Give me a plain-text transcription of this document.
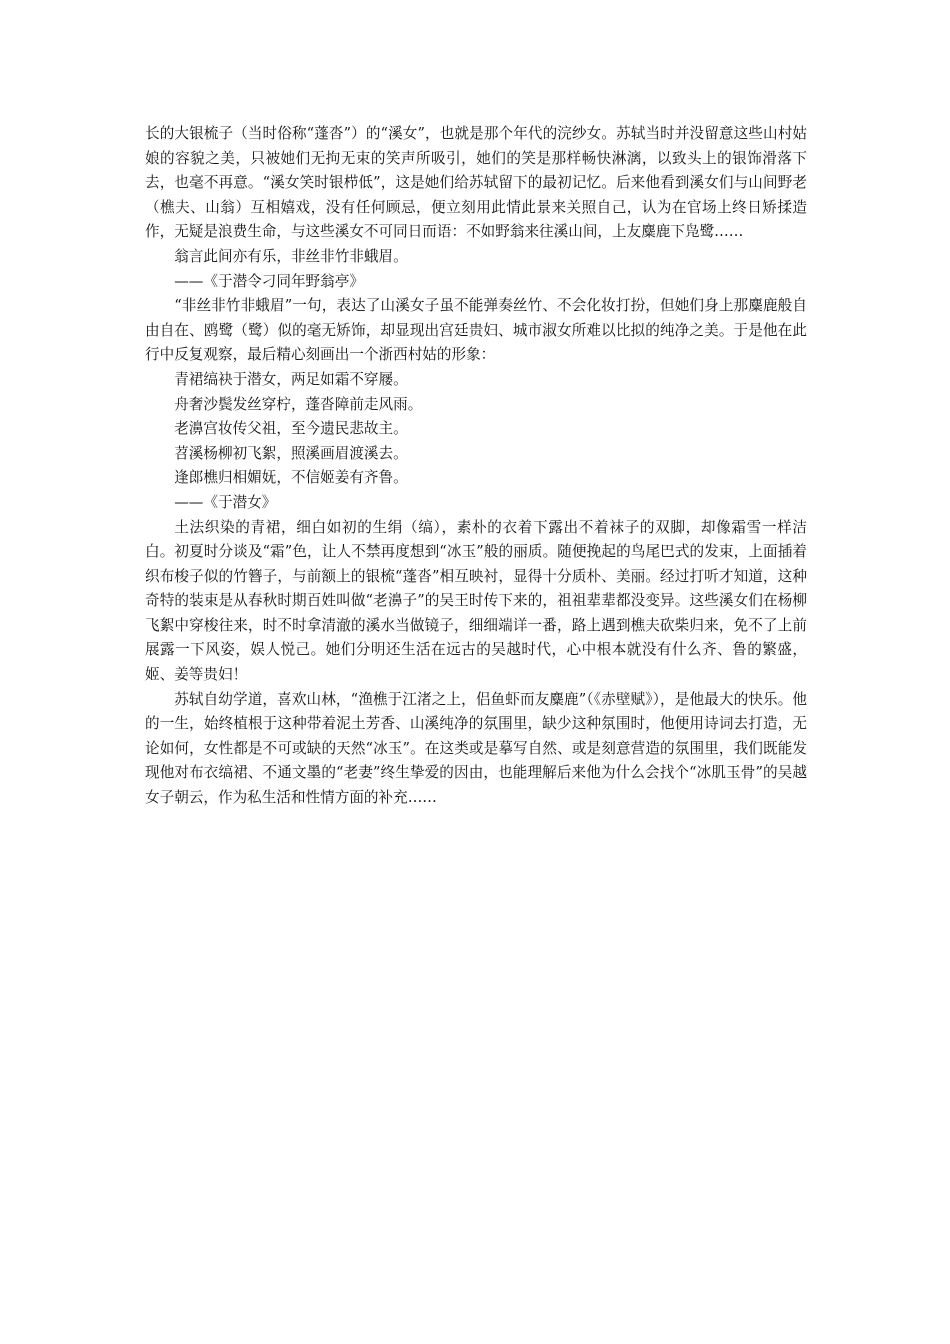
长的大银梳子（当时俗称“蓬沓”）的“溪女”，也就是那个年代的浣纱女。苏轼当时并没留意这些山村姑娘的容貌之美，只被她们无拘无束的笑声所吸引，她们的笑是那样畅快淋漓，以致头上的银饰滑落下去，也毫不再意。“溪女笑时银栉低”，这是她们给苏轼留下的最初记忆。后来他看到溪女们与山间野老（樵夫、山翁）互相嬉戏，没有任何顾忌，便立刻用此情此景来关照自己，认为在官场上终日矫揉造作，无疑是浪费生命，与这些溪女不可同日而语：不如野翁来往溪山间，上友麋鹿下凫鹭……

翁言此间亦有乐，非丝非竹非蛾眉。

——《于潜令刁同年野翁亭》

“非丝非竹非蛾眉”一句，表达了山溪女子虽不能弹奏丝竹、不会化妆打扮，但她们身上那麋鹿般自由自在、鸥鹭（鹭）似的毫无矫饰，却显现出宫廷贵妇、城市淑女所难以比拟的纯净之美。于是他在此行中反复观察，最后精心刻画出一个浙西村姑的形象：

青裙缟袂于潜女，两足如霜不穿屦。

舟奢沙鬓发丝穿柠，蓬沓障前走风雨。

老濞宫妆传父祖，至今遗民悲故主。

苕溪杨柳初飞絮，照溪画眉渡溪去。

逢郎樵归相媚妩，不信姬姜有齐鲁。

——《于潜女》

土法织染的青裙，细白如初的生绢（缟），素朴的衣着下露出不着袜子的双脚，却像霜雪一样洁白。初夏时分谈及“霜”色，让人不禁再度想到“冰玉”般的丽质。随便挽起的鸟尾巴式的发束，上面插着织布梭子似的竹簪子，与前额上的银梳“蓬沓”相互映衬，显得十分质朴、美丽。经过打听才知道，这种奇特的装束是从春秋时期百姓叫做“老濞子”的吴王时传下来的，祖祖辈辈都没变异。这些溪女们在杨柳飞絮中穿梭往来，时不时拿清澈的溪水当做镜子，细细端详一番，路上遇到樵夫砍柴归来，免不了上前展露一下风姿，娱人悦己。她们分明还生活在远古的吴越时代，心中根本就没有什么齐、鲁的繁盛，姬、姜等贵妇！

苏轼自幼学道，喜欢山林，“渔樵于江渚之上，侣鱼虾而友麋鹿”（《赤壁赋》），是他最大的快乐。他的一生，始终植根于这种带着泥土芳香、山溪纯净的氛围里，缺少这种氛围时，他便用诗词去打造，无论如何，女性都是不可或缺的天然“冰玉”。在这类或是摹写自然、或是刻意营造的氛围里，我们既能发现他对布衣缟裙、不通文墨的“老妻”终生挚爱的因由，也能理解后来他为什么会找个“冰肌玉骨”的吴越女子朝云，作为私生活和性情方面的补充……
